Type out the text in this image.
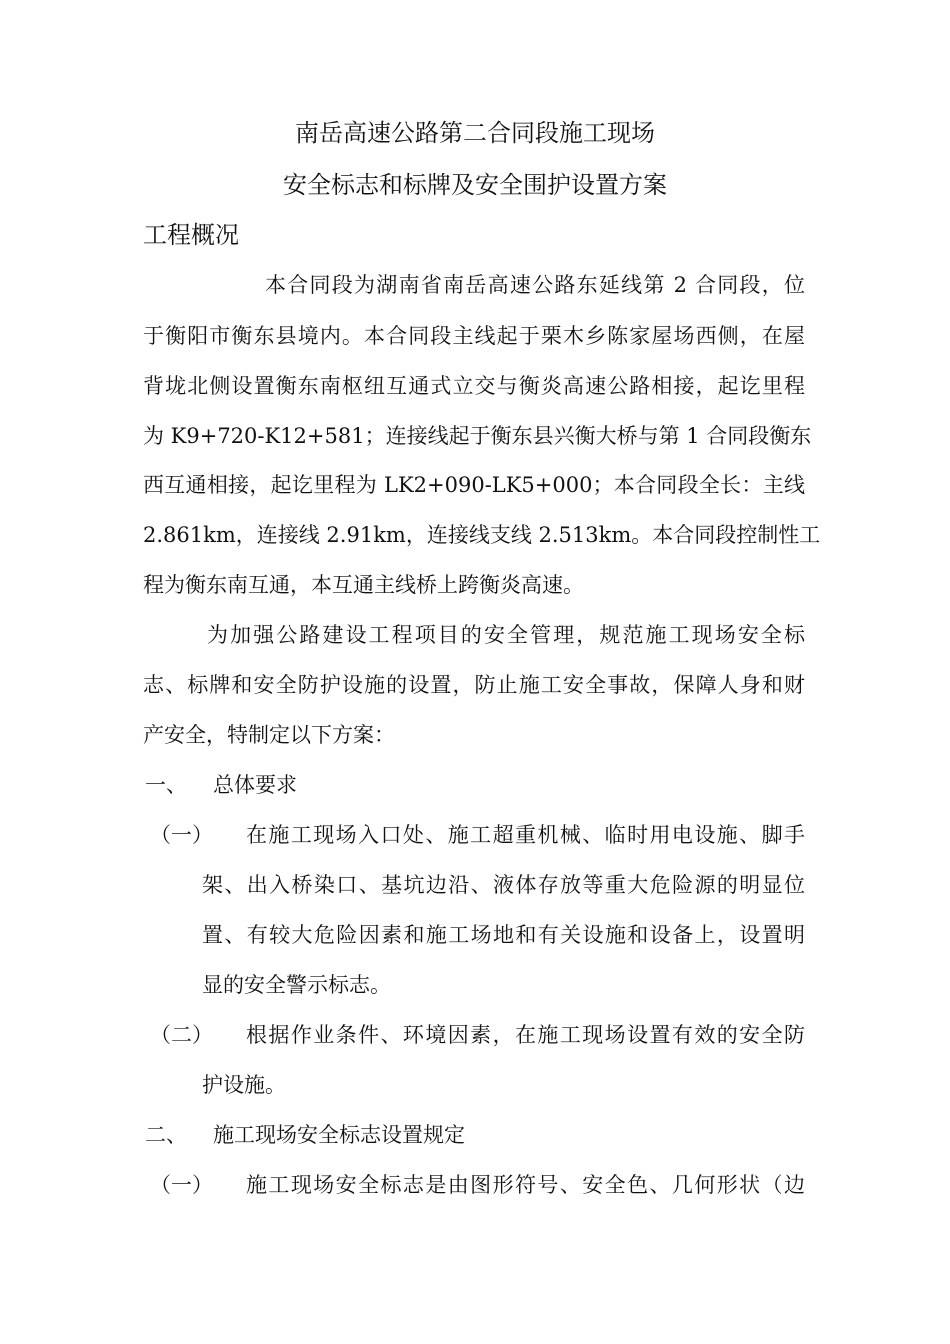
南岳高速公路第二合同段施工现场
安全标志和标牌及安全围护设置方案
工程概况
本合同段为湖南省南岳高速公路东延线第 2 合同段，位
于衡阳市衡东县境内。本合同段主线起于栗木乡陈家屋场西侧，在屋
背垅北侧设置衡东南枢纽互通式立交与衡炎高速公路相接，起讫里程
为 K9+720-K12+581；连接线起于衡东县兴衡大桥与第 1 合同段衡东
西互通相接，起讫里程为 LK2+090-LK5+000；本合同段全长：主线
2.861km，连接线 2.91km，连接线支线 2.513km。本合同段控制性工
程为衡东南互通，本互通主线桥上跨衡炎高速。
为加强公路建设工程项目的安全管理，规范施工现场安全标
志、标牌和安全防护设施的设置，防止施工安全事故，保障人身和财
产安全，特制定以下方案：
一、 总体要求
（一） 在施工现场入口处、施工超重机械、临时用电设施、脚手
架、出入桥染口、基坑边沿、液体存放等重大危险源的明显位
置、有较大危险因素和施工场地和有关设施和设备上，设置明
显的安全警示标志。
（二） 根据作业条件、环境因素，在施工现场设置有效的安全防
护设施。
二、 施工现场安全标志设置规定
（一） 施工现场安全标志是由图形符号、安全色、几何形状（边
